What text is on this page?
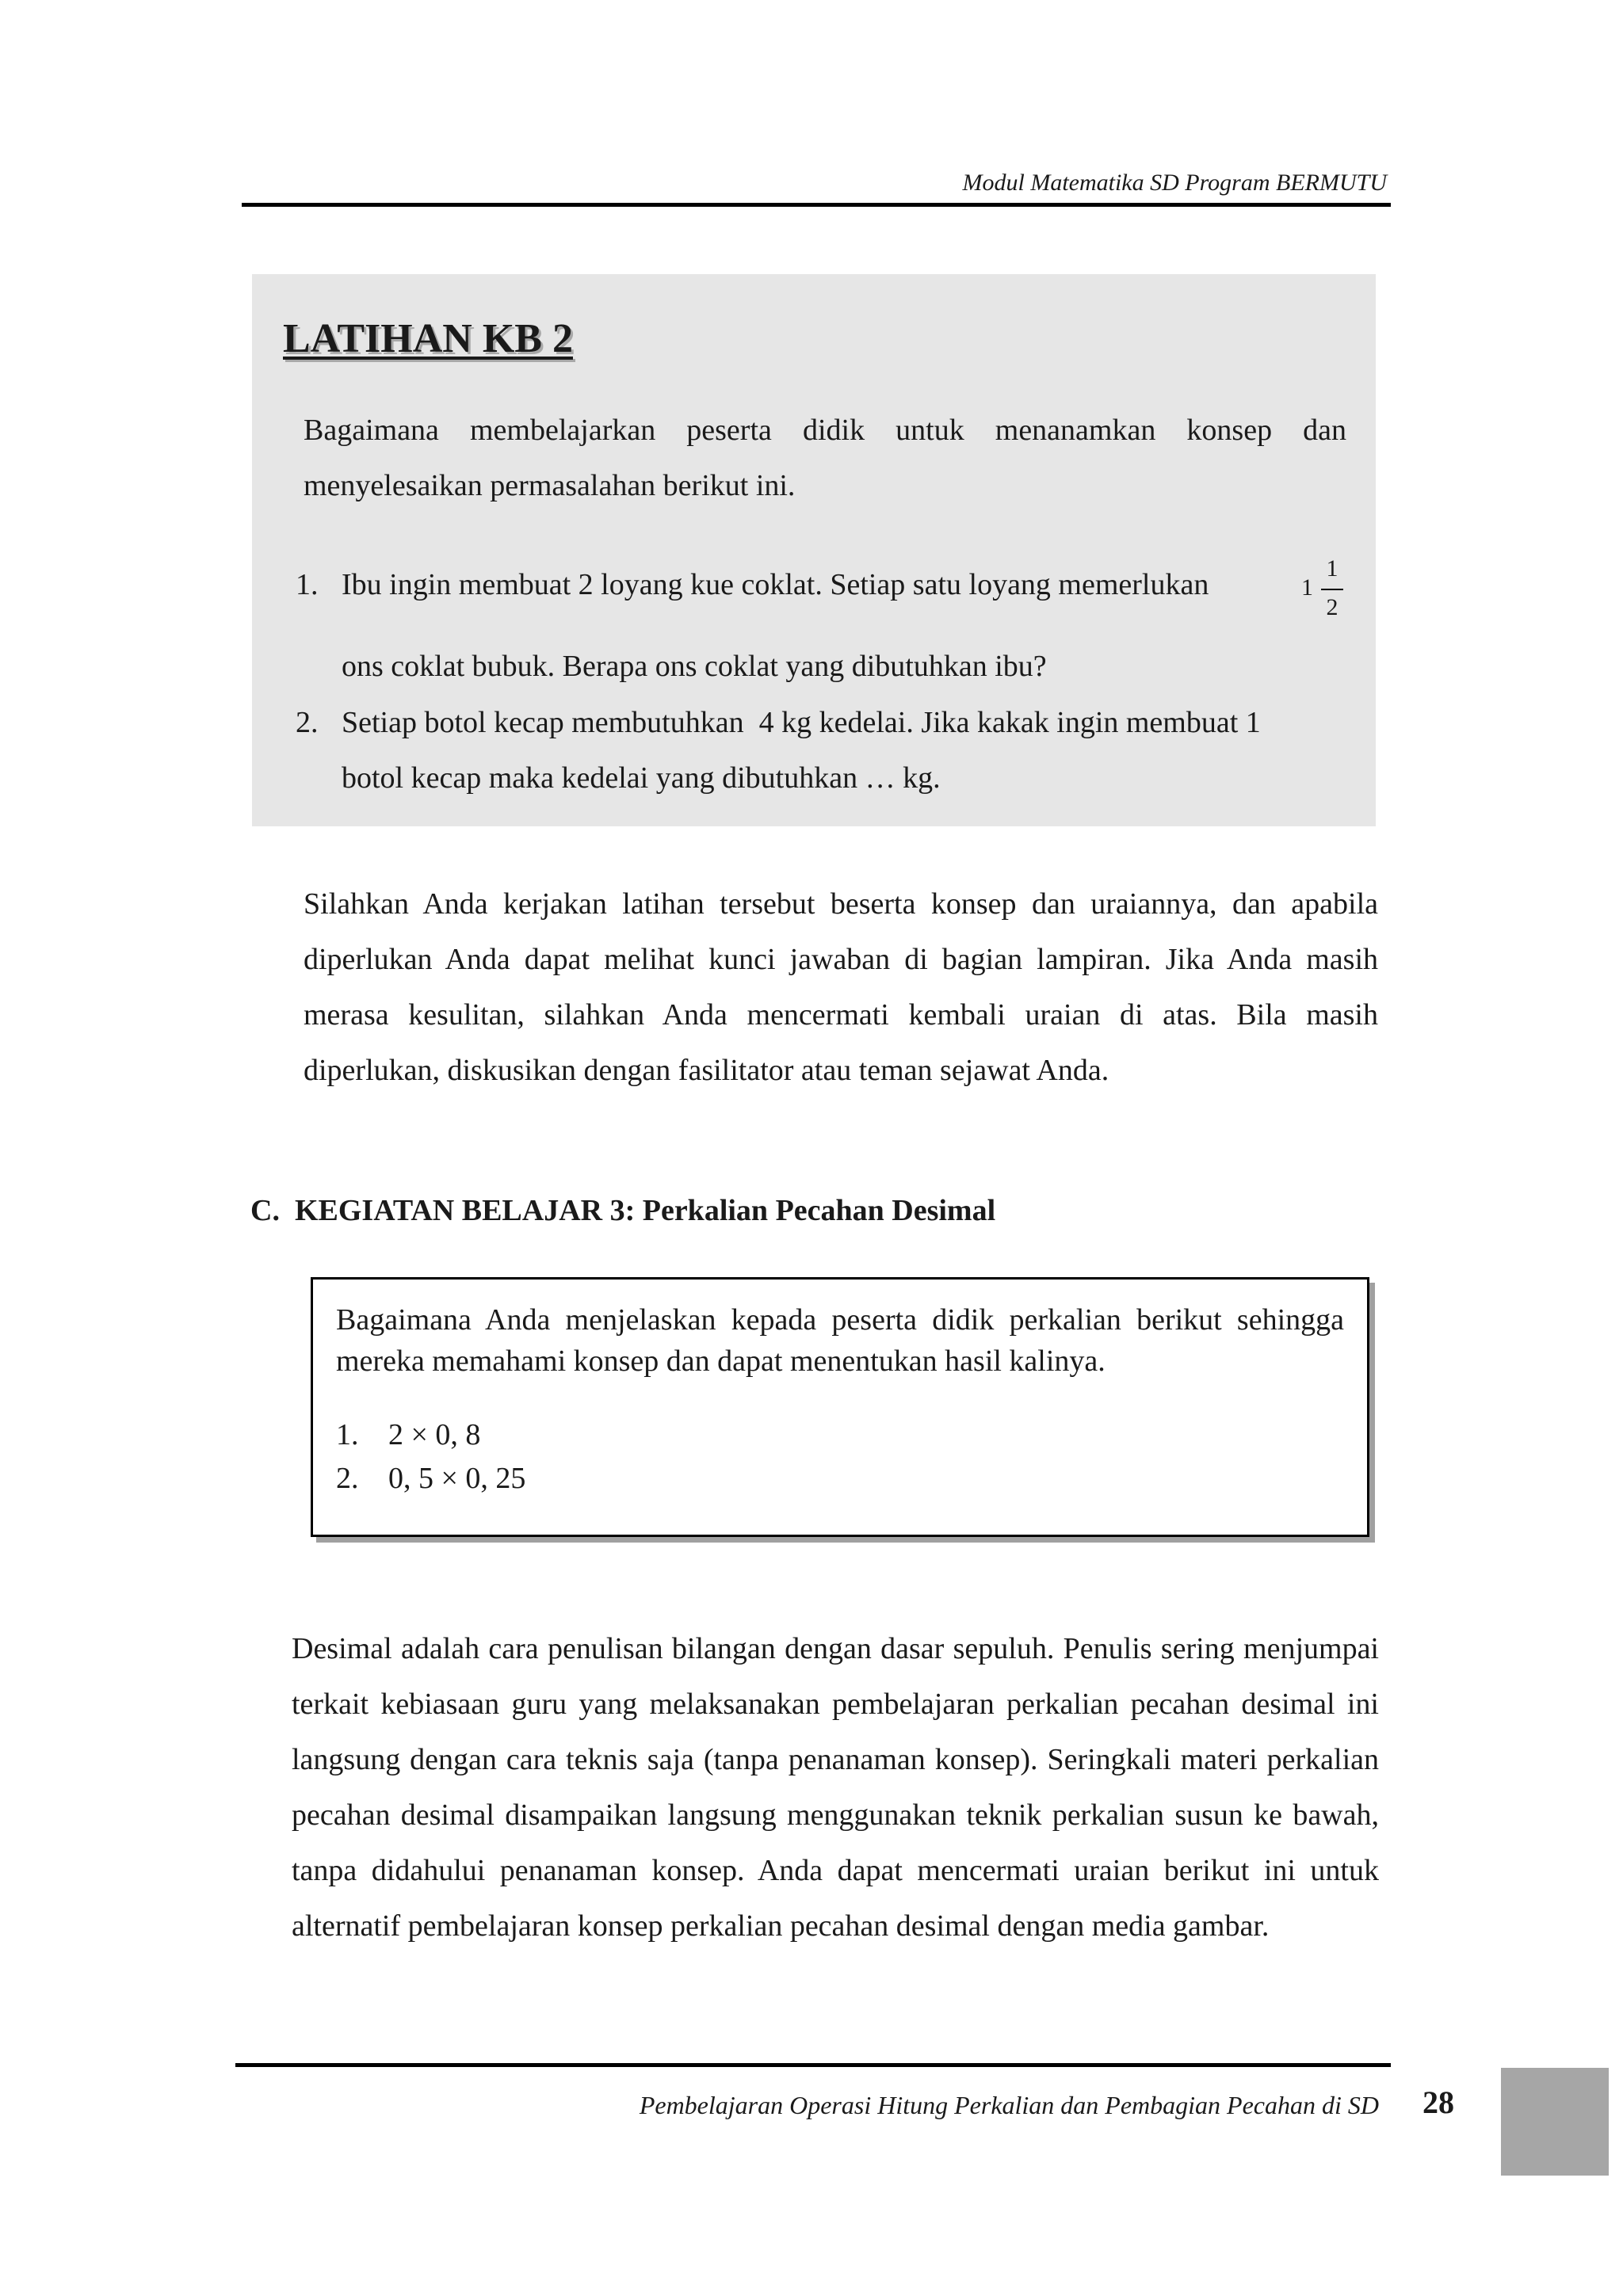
Modul Matematika SD Program BERMUTU
LATIHAN KB 2
Bagaimana membelajarkan peserta didik untuk menanamkan konsep dan menyelesaikan permasalahan berikut ini.
1. Ibu ingin membuat 2 loyang kue coklat. Setiap satu loyang memerlukan	1
1
2
ons coklat bubuk. Berapa ons coklat yang dibutuhkan ibu?
2. Setiap botol kecap membutuhkan  4 kg kedelai. Jika kakak ingin membuat 1
botol kecap maka kedelai yang dibutuhkan … kg.
Silahkan Anda kerjakan latihan tersebut beserta konsep dan uraiannya, dan apabila diperlukan Anda dapat melihat kunci jawaban di bagian lampiran. Jika Anda masih merasa kesulitan, silahkan Anda mencermati kembali uraian di atas. Bila masih diperlukan, diskusikan dengan fasilitator atau teman sejawat Anda.
C.  KEGIATAN BELAJAR 3: Perkalian Pecahan Desimal
Bagaimana Anda menjelaskan kepada peserta didik perkalian berikut sehingga mereka memahami konsep dan dapat menentukan hasil kalinya.
1. 2 × 0, 8
2. 0, 5 × 0, 25
Desimal adalah cara penulisan bilangan dengan dasar sepuluh. Penulis sering menjumpai terkait kebiasaan guru yang melaksanakan pembelajaran perkalian pecahan desimal ini langsung dengan cara teknis saja (tanpa penanaman konsep). Seringkali materi perkalian pecahan desimal disampaikan langsung menggunakan teknik perkalian susun ke bawah, tanpa didahului penanaman konsep. Anda dapat mencermati uraian berikut ini untuk alternatif pembelajaran konsep perkalian pecahan desimal dengan media gambar.
Pembelajaran Operasi Hitung Perkalian dan Pembagian Pecahan di SD	28
